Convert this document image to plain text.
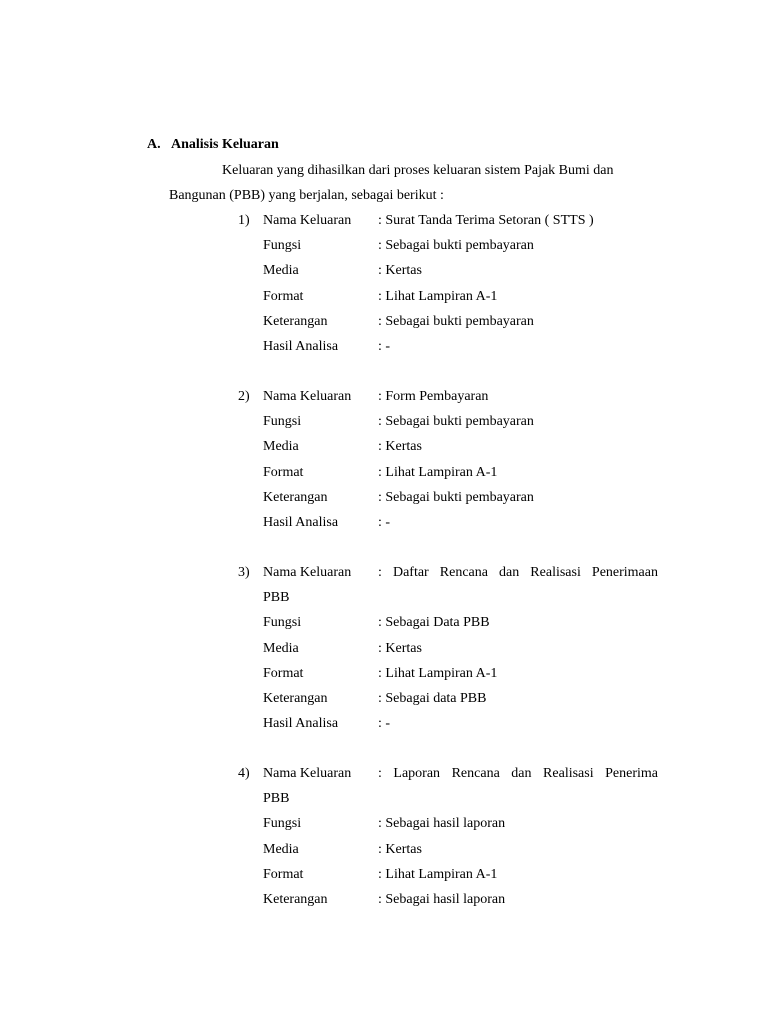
A. Analisis Keluaran
Keluaran yang dihasilkan dari proses keluaran sistem Pajak Bumi dan
Bangunan (PBB) yang berjalan, sebagai berikut :
1) Nama Keluaran : Surat Tanda Terima Setoran ( STTS )
Fungsi	: Sebagai bukti pembayaran
Media	: Kertas
Format	: Lihat Lampiran A-1
Keterangan	: Sebagai bukti pembayaran
Hasil Analisa	: -
2) Nama Keluaran : Form Pembayaran
Fungsi	: Sebagai bukti pembayaran
Media	: Kertas
Format	: Lihat Lampiran A-1
Keterangan	: Sebagai bukti pembayaran
Hasil Analisa	: -
3) Nama Keluaran : Daftar Rencana dan Realisasi Penerimaan
PBB
Fungsi	: Sebagai Data PBB
Media	: Kertas
Format	: Lihat Lampiran A-1
Keterangan	: Sebagai data PBB
Hasil Analisa	: -
4) Nama Keluaran : Laporan Rencana dan Realisasi Penerima
PBB
Fungsi	: Sebagai hasil laporan
Media	: Kertas
Format	: Lihat Lampiran A-1
Keterangan	: Sebagai hasil laporan
